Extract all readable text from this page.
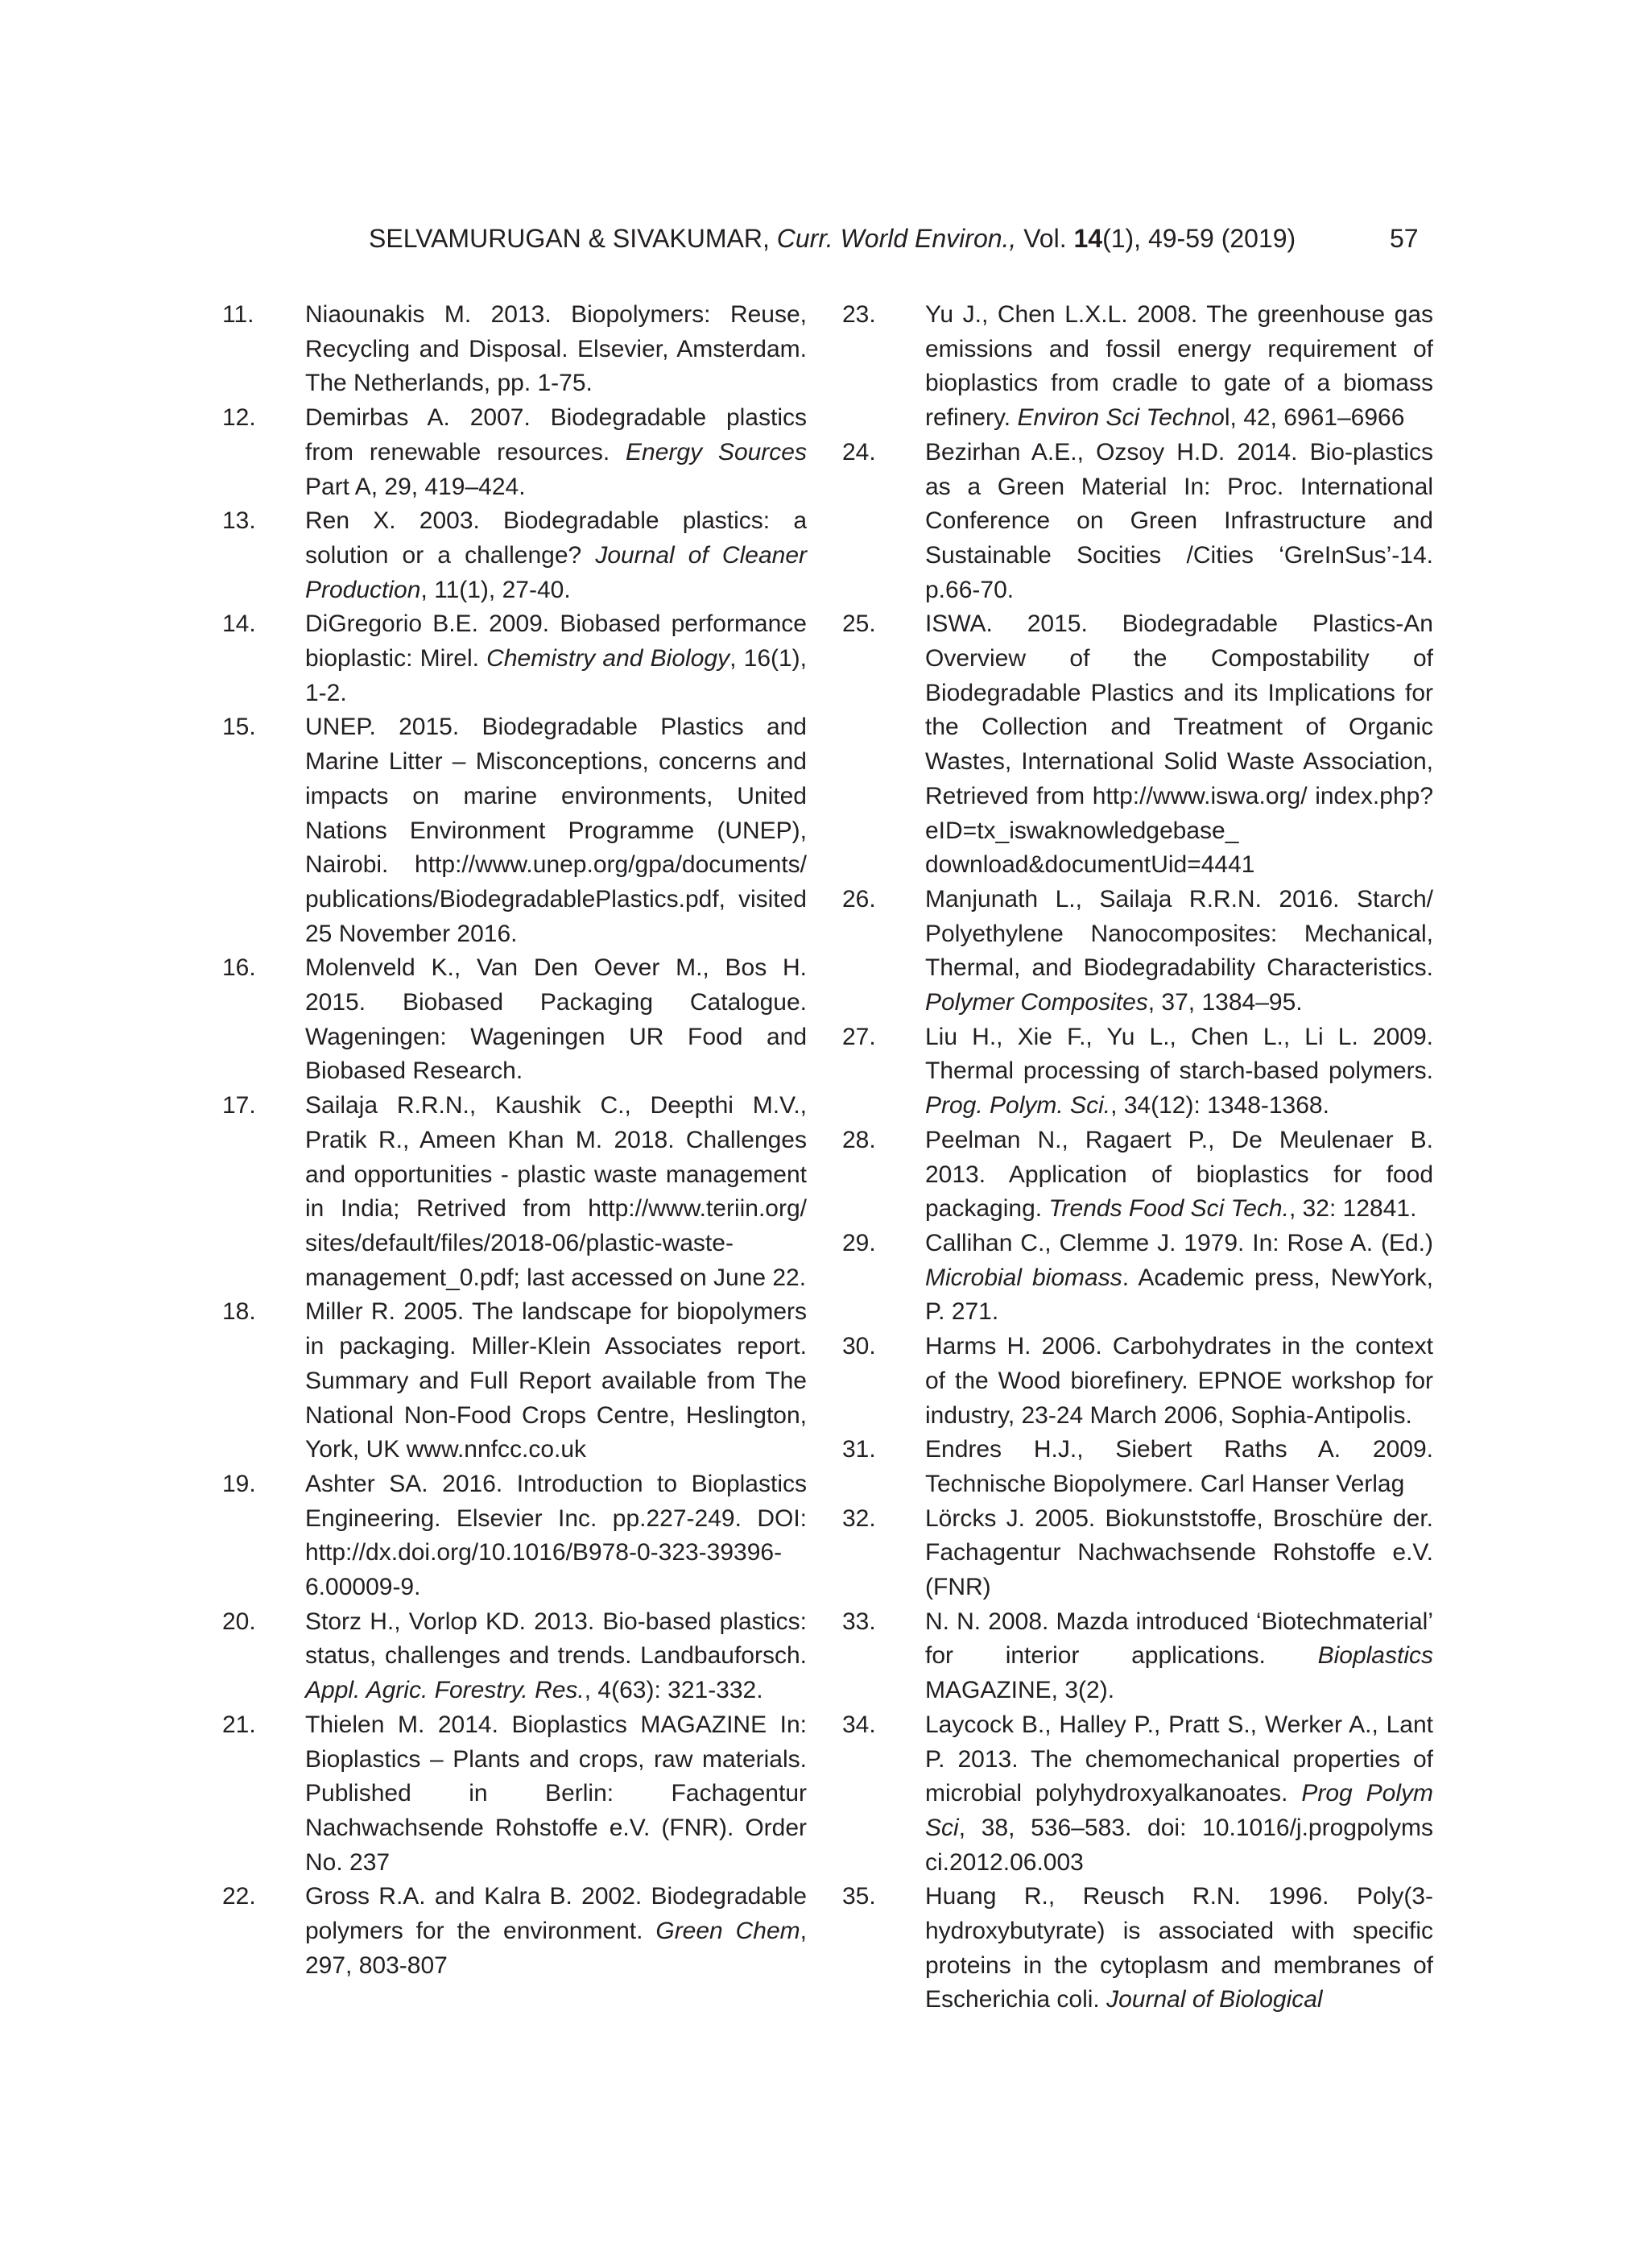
SELVAMURUGAN & SIVAKUMAR, Curr. World Environ., Vol. 14(1), 49-59 (2019)	57
11. Niaounakis M. 2013. Biopolymers: Reuse, Recycling and Disposal. Elsevier, Amsterdam. The Netherlands, pp. 1-75.
12. Demirbas A. 2007. Biodegradable plastics from renewable resources. Energy Sources Part A, 29, 419–424.
13. Ren X. 2003. Biodegradable plastics: a solution or a challenge? Journal of Cleaner Production, 11(1), 27-40.
14. DiGregorio B.E. 2009. Biobased performance bioplastic: Mirel. Chemistry and Biology, 16(1), 1-2.
15. UNEP. 2015. Biodegradable Plastics and Marine Litter – Misconceptions, concerns and impacts on marine environments, United Nations Environment Programme (UNEP), Nairobi. http://www.unep.org/gpa/documents/ publications/BiodegradablePlastics.pdf, visited 25 November 2016.
16. Molenveld K., Van Den Oever M., Bos H. 2015. Biobased Packaging Catalogue. Wageningen: Wageningen UR Food and Biobased Research.
17. Sailaja R.R.N., Kaushik C., Deepthi M.V., Pratik R., Ameen Khan M. 2018. Challenges and opportunities - plastic waste management in India; Retrived from http://www.teriin.org/ sites/default/files/2018-06/plastic-waste-management_0.pdf; last accessed on June 22.
18. Miller R. 2005. The landscape for biopolymers in packaging. Miller-Klein Associates report. Summary and Full Report available from The National Non-Food Crops Centre, Heslington, York, UK www.nnfcc.co.uk
19. Ashter SA. 2016. Introduction to Bioplastics Engineering. Elsevier Inc. pp.227-249. DOI: http://dx.doi.org/10.1016/B978-0-323-39396-6.00009-9.
20. Storz H., Vorlop KD. 2013. Bio-based plastics: status, challenges and trends. Landbauforsch. Appl. Agric. Forestry. Res., 4(63): 321-332.
21. Thielen M. 2014. Bioplastics MAGAZINE In: Bioplastics – Plants and crops, raw materials. Published in Berlin: Fachagentur Nachwachsende Rohstoffe e.V. (FNR). Order No. 237
22. Gross R.A. and Kalra B. 2002. Biodegradable polymers for the environment. Green Chem, 297, 803-807
23. Yu J., Chen L.X.L. 2008. The greenhouse gas emissions and fossil energy requirement of bioplastics from cradle to gate of a biomass refinery. Environ Sci Technol, 42, 6961–6966
24. Bezirhan A.E., Ozsoy H.D. 2014. Bio-plastics as a Green Material In: Proc. International Conference on Green Infrastructure and Sustainable Socities /Cities ‘GreInSus’-14. p.66-70.
25. ISWA. 2015. Biodegradable Plastics-An Overview of the Compostability of Biodegradable Plastics and its Implications for the Collection and Treatment of Organic Wastes, International Solid Waste Association, Retrieved from http://www.iswa.org/ index.php?eID=tx_iswaknowledgebase_ download&documentUid=4441
26. Manjunath L., Sailaja R.R.N. 2016. Starch/ Polyethylene Nanocomposites: Mechanical, Thermal, and Biodegradability Characteristics. Polymer Composites, 37, 1384–95.
27. Liu H., Xie F., Yu L., Chen L., Li L. 2009. Thermal processing of starch-based polymers. Prog. Polym. Sci., 34(12): 1348-1368.
28. Peelman N., Ragaert P., De Meulenaer B. 2013. Application of bioplastics for food packaging. Trends Food Sci Tech., 32: 12841.
29. Callihan C., Clemme J. 1979. In: Rose A. (Ed.) Microbial biomass. Academic press, NewYork, P. 271.
30. Harms H. 2006. Carbohydrates in the context of the Wood biorefinery. EPNOE workshop for industry, 23-24 March 2006, Sophia-Antipolis.
31. Endres H.J., Siebert Raths A. 2009. Technische Biopolymere. Carl Hanser Verlag
32. Lörcks J. 2005. Biokunststoffe, Broschüre der. Fachagentur Nachwachsende Rohstoffe e.V. (FNR)
33. N. N. 2008. Mazda introduced ‘Biotechmaterial’ for interior applications. Bioplastics MAGAZINE, 3(2).
34. Laycock B., Halley P., Pratt S., Werker A., Lant P. 2013. The chemomechanical properties of microbial polyhydroxyalkanoates. Prog Polym Sci, 38, 536–583. doi: 10.1016/j.progpolyms ci.2012.06.003
35. Huang R., Reusch R.N. 1996. Poly(3-hydroxybutyrate) is associated with specific proteins in the cytoplasm and membranes of Escherichia coli. Journal of Biological
